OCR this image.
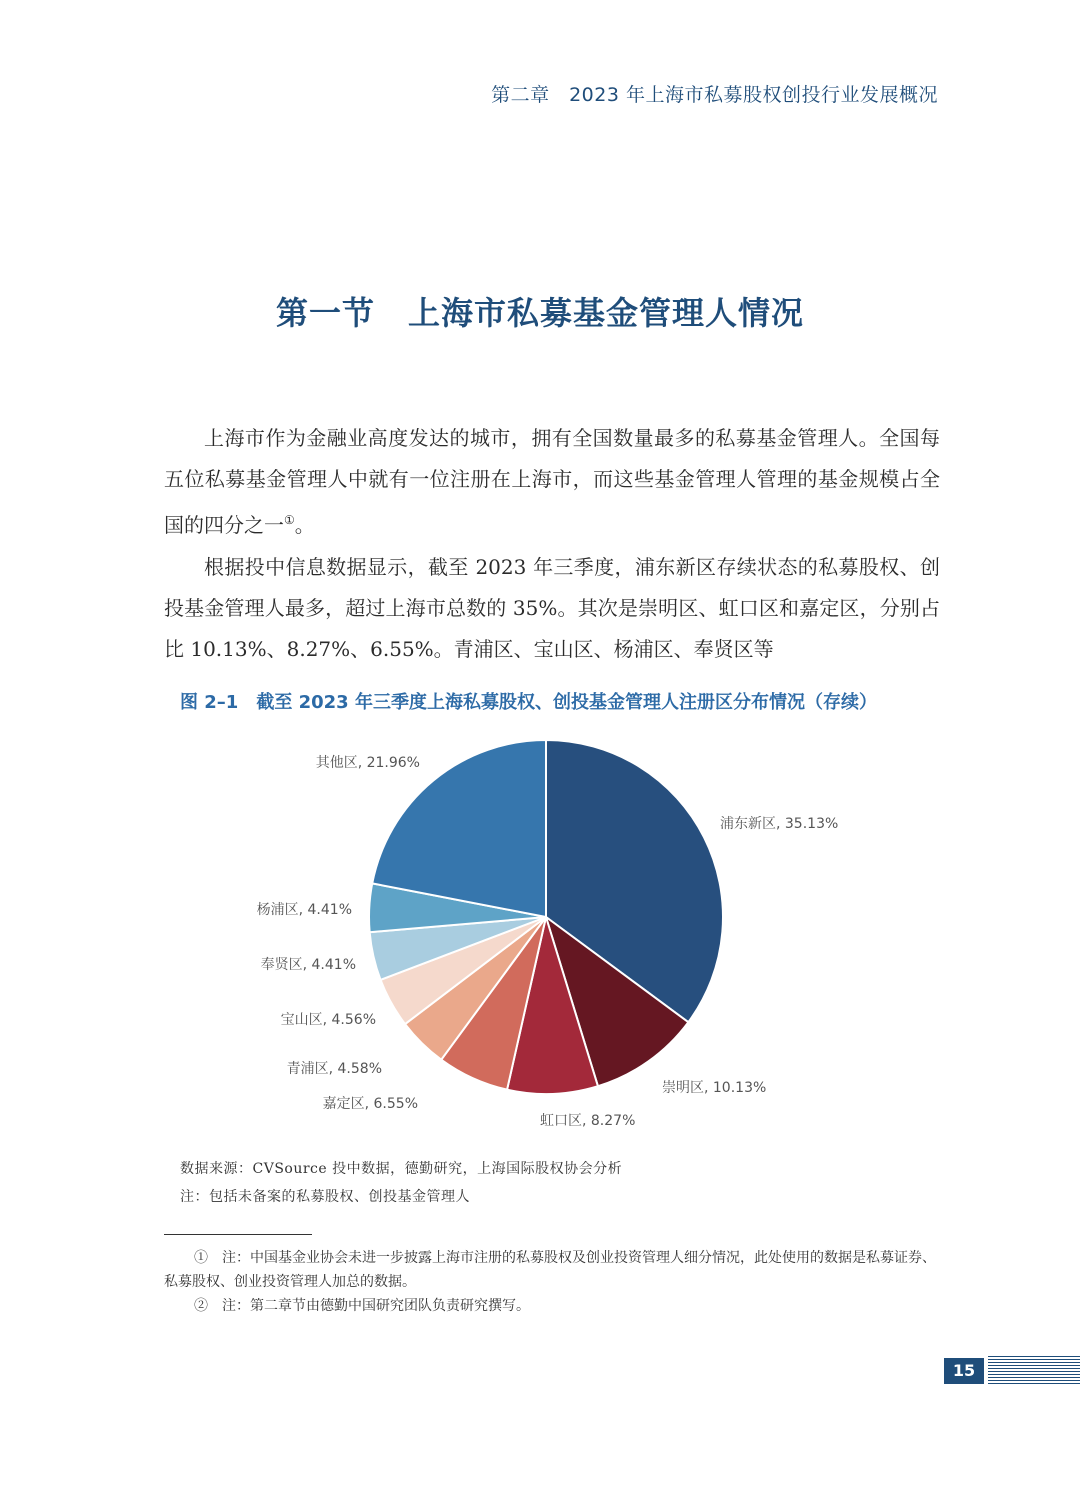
第二章　2023 年上海市私募股权创投行业发展概况
第一节　上海市私募基金管理人情况

上海市作为金融业高度发达的城市，拥有全国数量最多的私募基金管理人。全国每五位私募基金管理人中就有一位注册在上海市，而这些基金管理人管理的基金规模占全国的四分之一①。

根据投中信息数据显示，截至 2023 年三季度，浦东新区存续状态的私募股权、创投基金管理人最多，超过上海市总数的 35%。其次是崇明区、虹口区和嘉定区，分别占比 10.13%、8.27%、6.55%。青浦区、宝山区、杨浦区、奉贤区等

图 2–1　截至 2023 年三季度上海私募股权、创投基金管理人注册区分布情况（存续）
浦东新区, 35.13%
崇明区, 10.13%
虹口区, 8.27%
嘉定区, 6.55%
青浦区, 4.58%
宝山区, 4.56%
奉贤区, 4.41%
杨浦区, 4.41%
其他区, 21.96%
数据来源：CVSource 投中数据，德勤研究，上海国际股权协会分析
注：包括未备案的私募股权、创投基金管理人

①　注：中国基金业协会未进一步披露上海市注册的私募股权及创业投资管理人细分情况，此处使用的数据是私募证券、私募股权、创业投资管理人加总的数据。

②　注：第二章节由德勤中国研究团队负责研究撰写。

15
